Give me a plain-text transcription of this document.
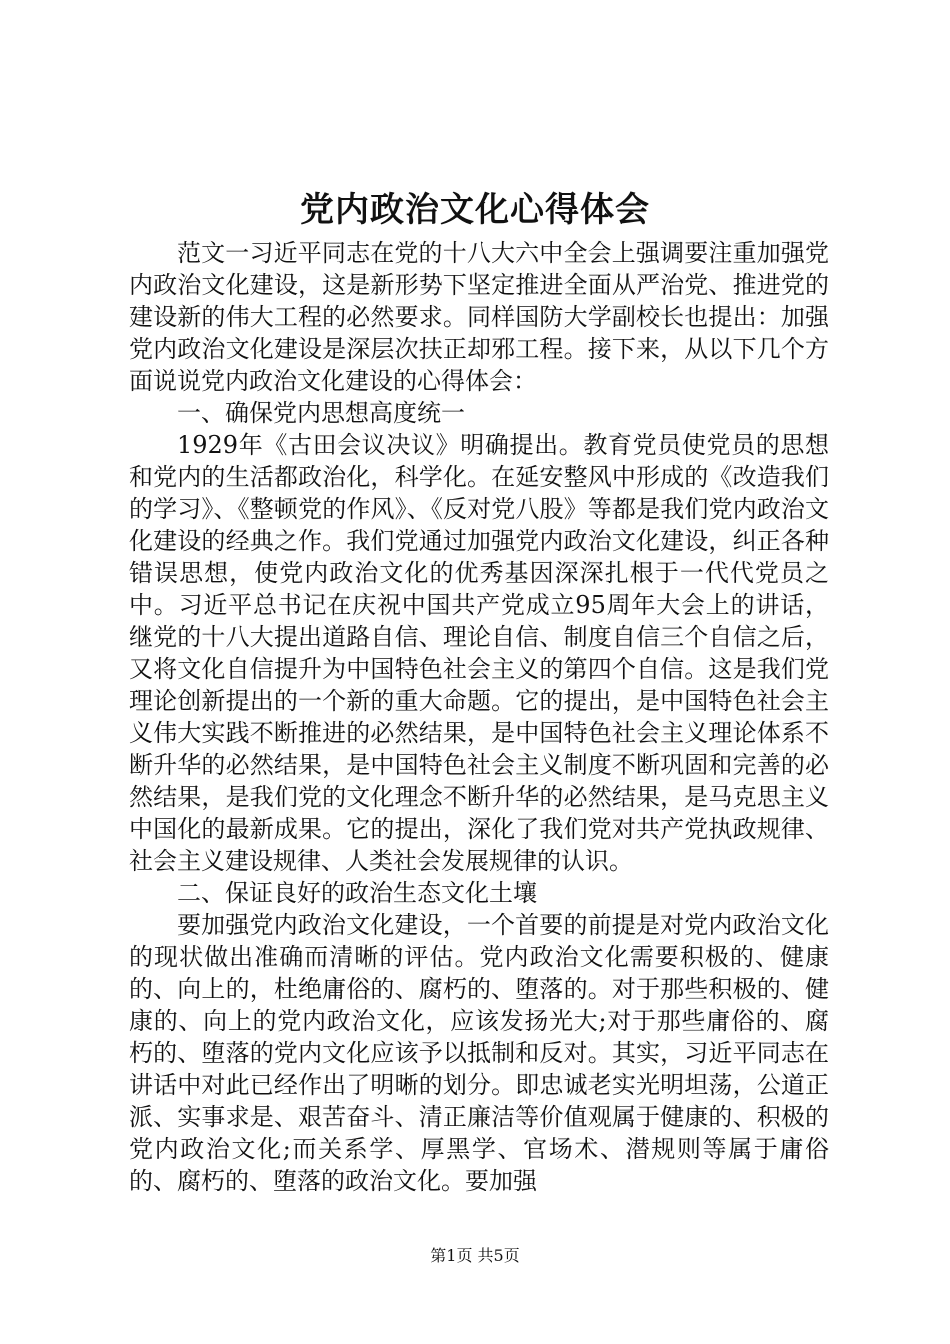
党内政治文化心得体会

范文一习近平同志在党的十八大六中全会上强调要注重加强党内政治文化建设，这是新形势下坚定推进全面从严治党、推进党的建设新的伟大工程的必然要求。同样国防大学副校长也提出：加强党内政治文化建设是深层次扶正却邪工程。接下来，从以下几个方面说说党内政治文化建设的心得体会：

一、确保党内思想高度统一

1929年《古田会议决议》明确提出。教育党员使党员的思想和党内的生活都政治化，科学化。在延安整风中形成的《改造我们的学习》、《整顿党的作风》、《反对党八股》等都是我们党内政治文化建设的经典之作。我们党通过加强党内政治文化建设，纠正各种错误思想，使党内政治文化的优秀基因深深扎根于一代代党员之中。习近平总书记在庆祝中国共产党成立95周年大会上的讲话，继党的十八大提出道路自信、理论自信、制度自信三个自信之后，又将文化自信提升为中国特色社会主义的第四个自信。这是我们党理论创新提出的一个新的重大命题。它的提出，是中国特色社会主义伟大实践不断推进的必然结果，是中国特色社会主义理论体系不断升华的必然结果，是中国特色社会主义制度不断巩固和完善的必然结果，是我们党的文化理念不断升华的必然结果，是马克思主义中国化的最新成果。它的提出，深化了我们党对共产党执政规律、社会主义建设规律、人类社会发展规律的认识。

二、保证良好的政治生态文化土壤

要加强党内政治文化建设，一个首要的前提是对党内政治文化的现状做出准确而清晰的评估。党内政治文化需要积极的、健康的、向上的，杜绝庸俗的、腐朽的、堕落的。对于那些积极的、健康的、向上的党内政治文化，应该发扬光大;对于那些庸俗的、腐朽的、堕落的党内文化应该予以抵制和反对。其实，习近平同志在讲话中对此已经作出了明晰的划分。即忠诚老实光明坦荡，公道正派、实事求是、艰苦奋斗、清正廉洁等价值观属于健康的、积极的党内政治文化;而关系学、厚黑学、官场术、潜规则等属于庸俗的、腐朽的、堕落的政治文化。要加强

第1页 共5页
